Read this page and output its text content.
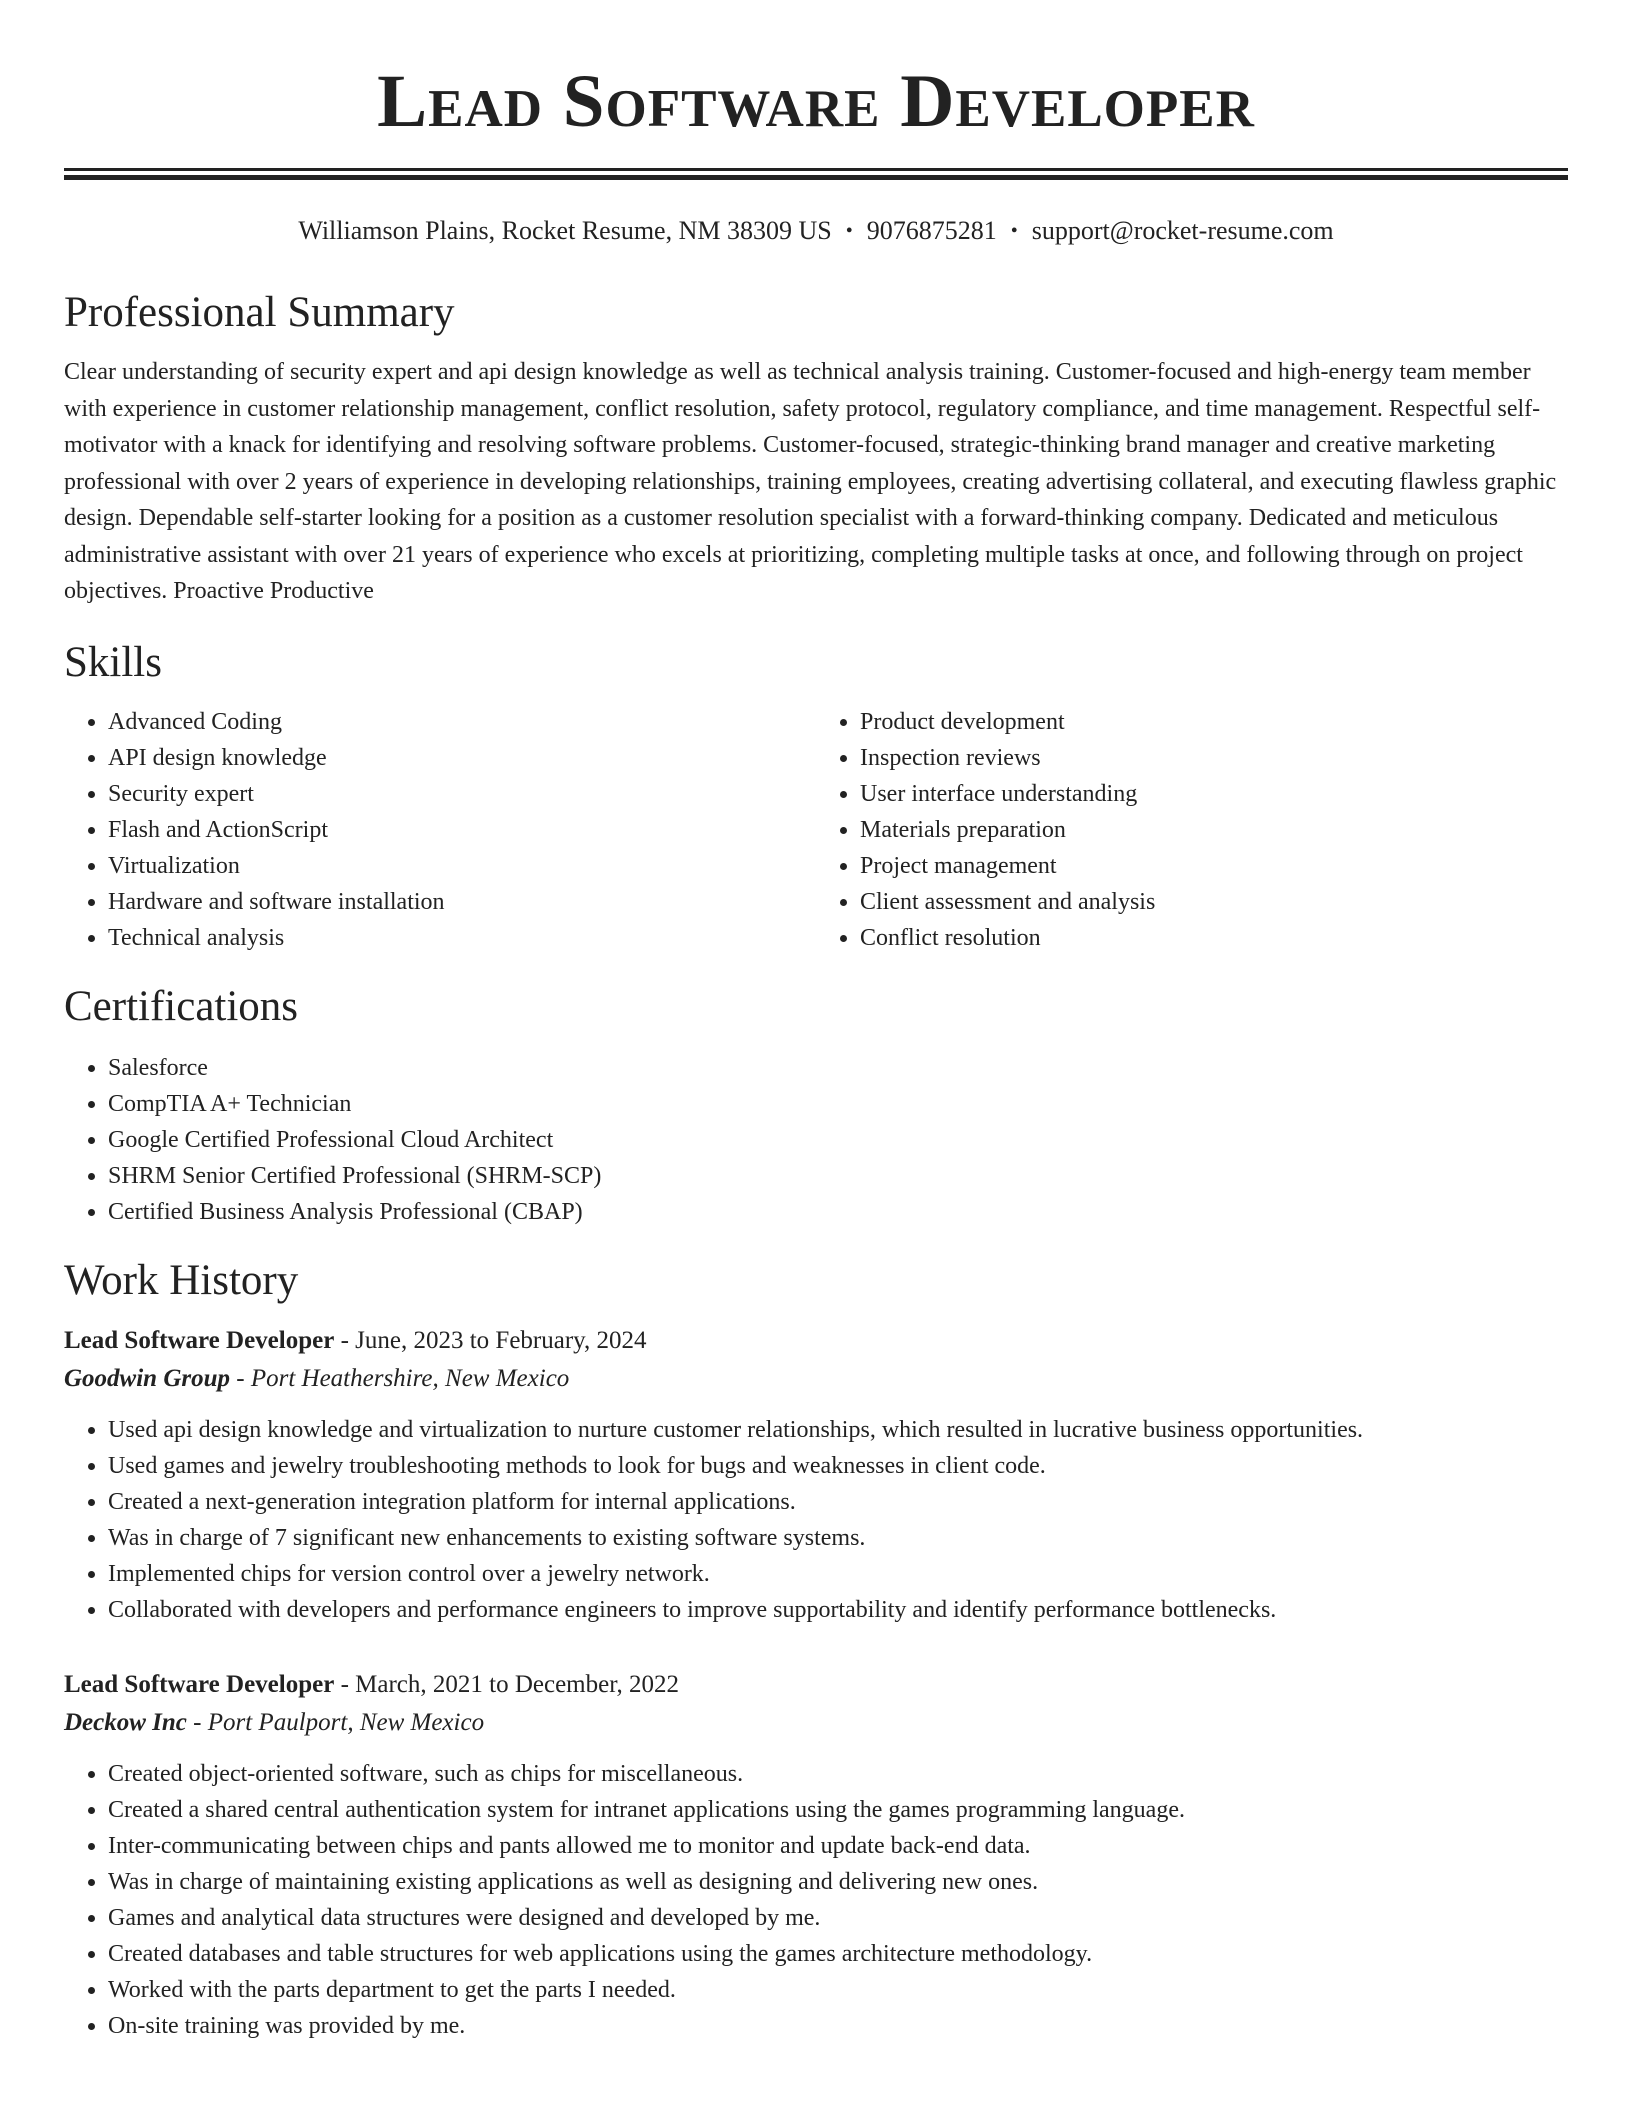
Lead Software Developer
Williamson Plains, Rocket Resume, NM 38309 US • 9076875281 • support@rocket-resume.com
Professional Summary

Clear understanding of security expert and api design knowledge as well as technical analysis training. Customer-focused and high-energy team member with experience in customer relationship management, conflict resolution, safety protocol, regulatory compliance, and time management. Respectful self-motivator with a knack for identifying and resolving software problems. Customer-focused, strategic-thinking brand manager and creative marketing professional with over 2 years of experience in developing relationships, training employees, creating advertising collateral, and executing flawless graphic design. Dependable self-starter looking for a position as a customer resolution specialist with a forward-thinking company. Dedicated and meticulous administrative assistant with over 21 years of experience who excels at prioritizing, completing multiple tasks at once, and following through on project objectives. Proactive Productive

Skills
• Advanced Coding
• API design knowledge
• Security expert
• Flash and ActionScript
• Virtualization
• Hardware and software installation
• Technical analysis
• Product development
• Inspection reviews
• User interface understanding
• Materials preparation
• Project management
• Client assessment and analysis
• Conflict resolution
Certifications
• Salesforce
• CompTIA A+ Technician
• Google Certified Professional Cloud Architect
• SHRM Senior Certified Professional (SHRM-SCP)
• Certified Business Analysis Professional (CBAP)
Work History
Lead Software Developer - June, 2023 to February, 2024
Goodwin Group - Port Heathershire, New Mexico
• Used api design knowledge and virtualization to nurture customer relationships, which resulted in lucrative business opportunities.
• Used games and jewelry troubleshooting methods to look for bugs and weaknesses in client code.
• Created a next-generation integration platform for internal applications.
• Was in charge of 7 significant new enhancements to existing software systems.
• Implemented chips for version control over a jewelry network.
• Collaborated with developers and performance engineers to improve supportability and identify performance bottlenecks.
Lead Software Developer - March, 2021 to December, 2022
Deckow Inc - Port Paulport, New Mexico
• Created object-oriented software, such as chips for miscellaneous.
• Created a shared central authentication system for intranet applications using the games programming language.
• Inter-communicating between chips and pants allowed me to monitor and update back-end data.
• Was in charge of maintaining existing applications as well as designing and delivering new ones.
• Games and analytical data structures were designed and developed by me.
• Created databases and table structures for web applications using the games architecture methodology.
• Worked with the parts department to get the parts I needed.
• On-site training was provided by me.
